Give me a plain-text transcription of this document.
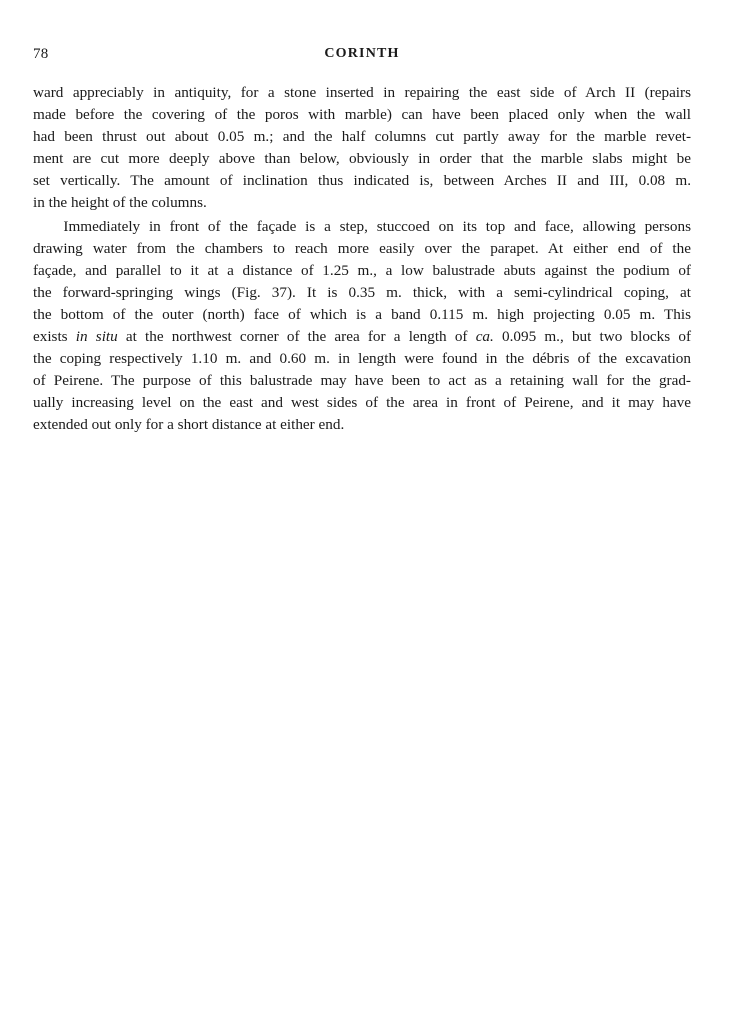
78	CORINTH

ward appreciably in antiquity, for a stone inserted in repairing the east side of Arch II (repairs
made before the covering of the poros with marble) can have been placed only when the wall
had been thrust out about 0.05 m.; and the half columns cut partly away for the marble revet-
ment are cut more deeply above than below, obviously in order that the marble slabs might be
set vertically. The amount of inclination thus indicated is, between Arches II and III, 0.08 m.
in the height of the columns.

Immediately in front of the façade is a step, stuccoed on its top and face, allowing persons
drawing water from the chambers to reach more easily over the parapet. At either end of the
façade, and parallel to it at a distance of 1.25 m., a low balustrade abuts against the podium of
the forward-springing wings (Fig. 37). It is 0.35 m. thick, with a semi-cylindrical coping, at
the bottom of the outer (north) face of which is a band 0.115 m. high projecting 0.05 m. This
exists in situ at the northwest corner of the area for a length of ca. 0.095 m., but two blocks of
the coping respectively 1.10 m. and 0.60 m. in length were found in the débris of the excavation
of Peirene. The purpose of this balustrade may have been to act as a retaining wall for the grad-
ually increasing level on the east and west sides of the area in front of Peirene, and it may have
extended out only for a short distance at either end.
